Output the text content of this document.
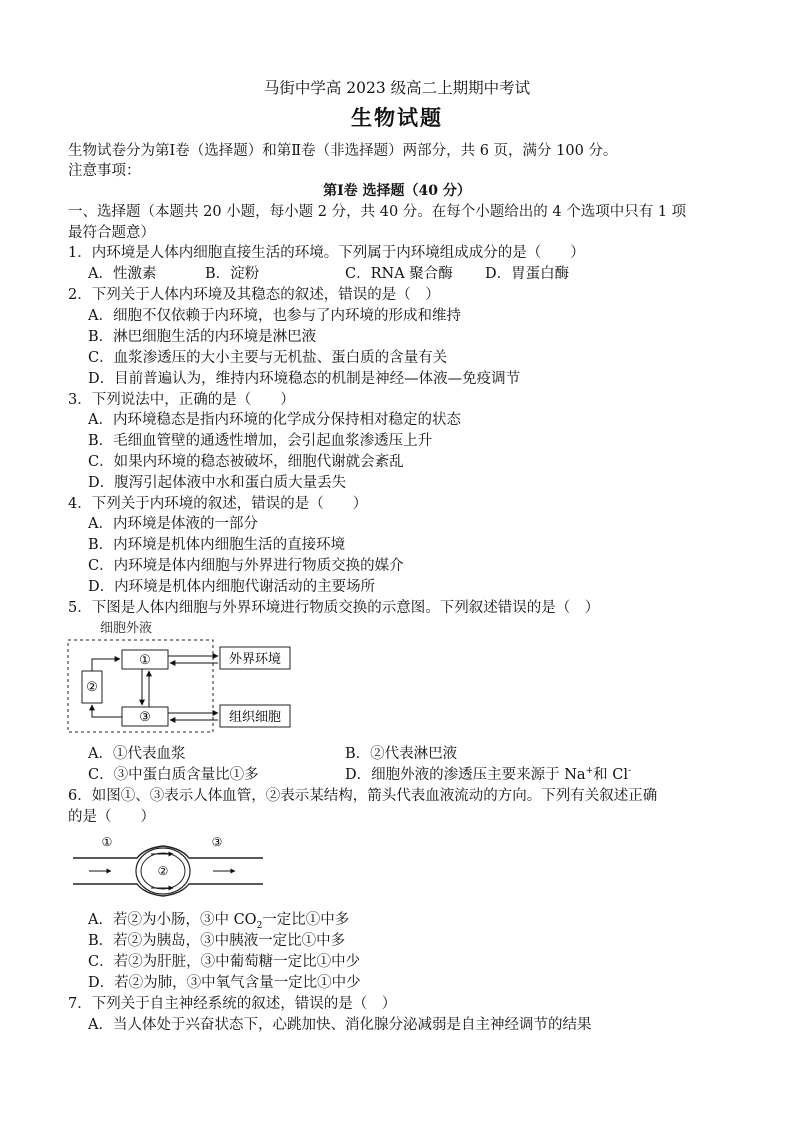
马街中学高 2023 级高二上期期中考试
生物试题
生物试卷分为第Ⅰ卷（选择题）和第Ⅱ卷（非选择题）两部分，共 6 页，满分 100 分。
注意事项：
第Ⅰ卷 选择题（40 分）
一、选择题（本题共 20 小题，每小题 2 分，共 40 分。在每个小题给出的 4 个选项中只有 1 项
最符合题意）
1．内环境是人体内细胞直接生活的环境。下列属于内环境组成成分的是（　　）
A．性激素	B．淀粉	C．RNA 聚合酶 D．胃蛋白酶
2．下列关于人体内环境及其稳态的叙述，错误的是（　）
A．细胞不仅依赖于内环境，也参与了内环境的形成和维持
B．淋巴细胞生活的内环境是淋巴液
C．血浆渗透压的大小主要与无机盐、蛋白质的含量有关
D．目前普遍认为，维持内环境稳态的机制是神经—体液—免疫调节
3．下列说法中，正确的是（　　）
A．内环境稳态是指内环境的化学成分保持相对稳定的状态
B．毛细血管壁的通透性增加，会引起血浆渗透压上升
C．如果内环境的稳态被破坏，细胞代谢就会紊乱
D．腹泻引起体液中水和蛋白质大量丢失
4．下列关于内环境的叙述，错误的是（　　）
A．内环境是体液的一部分
B．内环境是机体内细胞生活的直接环境
C．内环境是体内细胞与外界进行物质交换的媒介
D．内环境是机体内细胞代谢活动的主要场所
5．下图是人体内细胞与外界环境进行物质交换的示意图。下列叙述错误的是（　）
细胞外液
①
②
③
外界环境
组织细胞
A．①代表血浆	B．②代表淋巴液
C．③中蛋白质含量比①多	D．细胞外液的渗透压主要来源于 Na+和 Cl-
6．如图①、③表示人体血管，②表示某结构，箭头代表血液流动的方向。下列有关叙述正确
的是（　　）
①	③
②
A．若②为小肠，③中 $CO_2$一定比①中多
B．若②为胰岛，③中胰液一定比①中多
C．若②为肝脏，③中葡萄糖一定比①中少
D．若②为肺，③中氧气含量一定比①中少
7．下列关于自主神经系统的叙述，错误的是（　）
A．当人体处于兴奋状态下，心跳加快、消化腺分泌减弱是自主神经调节的结果
